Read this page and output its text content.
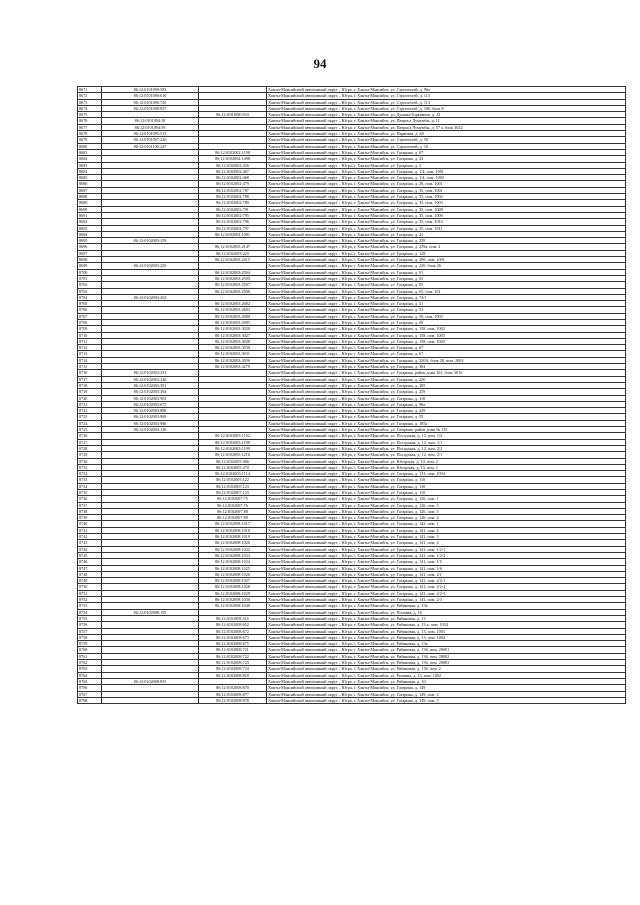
94
8671	86:12:0101090:583		Ханты-Мансийский автономный округ – Югра, г. Ханты-Мансийск, ул. Строителей, д. 96а
8672	86:12:0101090:610		Ханты-Мансийский автономный округ – Югра, г. Ханты-Мансийск, ул. Строителей, д. 113
8673	86:12:0101090:745		Ханты-Мансийский автономный округ – Югра, г. Ханты-Мансийск, ул. Строителей, д. 113
8674	86:12:0101090:857		Ханты-Мансийский автономный округ – Югра, г. Ханты-Мансийск, ул. Строителей, д. 106, блок 8
8675		86:12:0101090:933	Ханты-Мансийский автономный округ – Югра, г. Ханты-Мансийск, ул. Дунина-Горкавича, д. 13
8676	86:12:0101094:18		Ханты-Мансийский автономный округ – Югра, г. Ханты-Мансийск, ул. Патриса Лумумбы, д. 11
8677	86:12:0101094:59		Ханты-Мансийский автономный округ – Югра, г. Ханты-Мансийск, ул. Патриса Лумумбы, д. 57 а, блок 3622
8678	86:12:0101095:515		Ханты-Мансийский автономный округ – Югра, г. Ханты-Мансийск, ул. Парковая, д. 68
8679	86:12:0101097:220		Ханты-Мансийский автономный округ – Югра, г. Ханты-Мансийск, ул. Строителей, д. 59
8680	86:12:0101100:247		Ханты-Мансийский автономный округ – Югра, г. Ханты-Мансийск, ул. Строителей, д. 16
8681		86:12:0102002:1198	Ханты-Мансийский автономный округ – Югра, г. Ханты-Мансийск, ул. Гагарина, д. 67
8682		86:12:0102002:1498	Ханты-Мансийский автономный округ – Югра, г. Ханты-Мансийск, ул. Гагарина, д. 33
8683		86:12:0102002:456	Ханты-Мансийский автономный округ – Югра, г. Ханты-Мансийск, ул. Гагарина, д. 5
8684		86:12:0102002:467	Ханты-Мансийский автономный округ – Югра, г. Ханты-Мансийск, ул. Гагарина, д. 1/4, пом. 1001
8685		86:12:0102002:468	Ханты-Мансийский автономный округ – Югра, г. Ханты-Мансийск, ул. Гагарина, д. 1/4, пом. 1002
8686		86:12:0102002:479	Ханты-Мансийский автономный округ – Югра, г. Ханты-Мансийск, ул. Гагарина, д. 29, пом. 1001
8687		86:12:0102002:787	Ханты-Мансийский автономный округ – Югра, г. Ханты-Мансийск, ул. Гагарина, д. 35, пом. 1001
8688		86:12:0102002:788	Ханты-Мансийский автономный округ – Югра, г. Ханты-Мансийск, ул. Гагарина, д. 35, пом. 1002
8689		86:12:0102002:789	Ханты-Мансийский автономный округ – Югра, г. Ханты-Мансийск, ул. Гагарина, д. 35, пом. 1003
8690		86:12:0102002:791	Ханты-Мансийский автономный округ – Югра, г. Ханты-Мансийск, ул. Гагарина, д. 35, пом. 1008
8691		86:12:0102002:795	Ханты-Мансийский автономный округ – Югра, г. Ханты-Мансийск, ул. Гагарина, д. 35, пом. 1009
8692		86:12:0102002:796	Ханты-Мансийский автономный округ – Югра, г. Ханты-Мансийск, ул. Гагарина, д. 35, пом. 1010
8693		86:12:0102002:797	Ханты-Мансийский автономный округ – Югра, г. Ханты-Мансийск, ул. Гагарина, д. 35, пом. 1011
8694		86:12:0102002:1081	Ханты-Мансийский автономный округ – Югра, г. Ханты-Мансийск, ул. Гагарина, д. 41
8695	86:12:0102003:159		Ханты-Мансийский автономный округ – Югра, г. Ханты-Мансийск, ул. Гагарина, д. 259
8696		86:12:0102003:2147	Ханты-Мансийский автономный округ – Югра, г. Ханты-Мансийск, ул. Гагарина, д. 259а, пом. 2
8697		86:12:0102003:223	Ханты-Мансийский автономный округ – Югра, г. Ханты-Мансийск, ул. Гагарина, д. 128
8698		86:12:0102003:2415	Ханты-Мансийский автономный округ – Югра, г. Ханты-Мансийск, ул. Гагарина, д. 290, пом. 1001
8699	86:12:0102003:250		Ханты-Мансийский автономный округ – Югра, г. Ханты-Мансийск, ул. Гагарина, д. 220, блок 26
8700		86:12:0102003:2504	Ханты-Мансийский автономный округ – Югра, г. Ханты-Мансийск, ул. Гагарина, д. 61
8701		86:12:0102003:2505	Ханты-Мансийский автономный округ – Югра, г. Ханты-Мансийск, ул. Гагарина, д. 63
8702		86:12:0102003:2507	Ханты-Мансийский автономный округ – Югра, г. Ханты-Мансийск, ул. Гагарина, д. 65
8703		86:12:0102003:2508	Ханты-Мансийский автономный округ – Югра, г. Ханты-Мансийск, ул. Гагарина, д. 65, пом. 101
8704	86:12:0102003:263		Ханты-Мансийский автономный округ – Югра, г. Ханты-Мансийск, ул. Гагарина, д. 74/1
8705		86:12:0102003:2682	Ханты-Мансийский автономный округ – Югра, г. Ханты-Мансийск, ул. Гагарина, д. 51
8706		86:12:0102003:2683	Ханты-Мансийский автономный округ – Югра, г. Ханты-Мансийск, ул. Гагарина, д. 51
8707		86:12:0102003:2980	Ханты-Мансийский автономный округ – Югра, г. Ханты-Мансийск, ул. Гагарина, д. 59, пом. 1003
8708		86:12:0102003:2985	Ханты-Мансийский автономный округ – Югра, г. Ханты-Мансийск, ул. Гагарина, д. 69
8709		86:12:0102003:3020	Ханты-Мансийский автономный округ – Югра, г. Ханты-Мансийск, ул. Гагарина, д. 158, пом. 1002
8710		86:12:0102003:3027	Ханты-Мансийский автономный округ – Югра, г. Ханты-Мансийск, ул. Гагарина, д. 158, пом. 1003
8711		86:12:0102003:3028	Ханты-Мансийский автономный округ – Югра, г. Ханты-Мансийск, ул. Гагарина, д. 158, пом. 1003
8712		86:12:0102003:3030	Ханты-Мансийский автономный округ – Югра, г. Ханты-Мансийск, ул. Гагарина, д. 67
8713		86:12:0102003:3031	Ханты-Мансийский автономный округ – Югра, г. Ханты-Мансийск, ул. Гагарина, д. 67
8714		86:12:0102003:3036	Ханты-Мансийский автономный округ – Югра, г. Ханты-Мансийск, ул. Гагарина, д. 220А, блок 28, пом. 2002
8715		86:12:0102003:3279	Ханты-Мансийский автономный округ – Югра, г. Ханты-Мансийск, ул. Гагарина, д. 304
8716	86:12:0102003:331		Ханты-Мансийский автономный округ – Югра, г. Ханты-Мансийск, ул. Гагарина, район дома 101, блок 30 бс
8717	86:12:0102003:340		Ханты-Мансийский автономный округ – Югра, г. Ханты-Мансийск, ул. Гагарина, д. 220
8718	86:12:0102003:391		Ханты-Мансийский автономный округ – Югра, г. Ханты-Мансийск, ул. Гагарина, д. 285
8719	86:12:0102003:394		Ханты-Мансийский автономный округ – Югра, г. Ханты-Мансийск, ул. Гагарина, д. 259
8720	86:12:0102003:903		Ханты-Мансийский автономный округ – Югра, г. Ханты-Мансийск, ул. Гагарина, д. 110
8721	86:12:0102003:675		Ханты-Мансийский автономный округ – Югра, г. Ханты-Мансийск, ул. Гагарина, д. 96а
8722	86:12:0102003:888		Ханты-Мансийский автономный округ – Югра, г. Ханты-Мансийск, ул. Гагарина, д. 229
8723	86:12:0102003:969		Ханты-Мансийский автономный округ – Югра, г. Ханты-Мансийск, ул. Гагарина, д. 55
8724	86:12:0102003:986		Ханты-Мансийский автономный округ – Югра, г. Ханты-Мансийск, ул. Гагарина, д. 185а
8725	86:12:0102004:130		Ханты-Мансийский автономный округ – Югра, г. Ханты-Мансийск, ул. Гагарина, район дома № 135
8726		86:12:0102005:1192	Ханты-Мансийский автономный округ – Югра, г. Ханты-Мансийск, ул. Посадская, д. 12, пом. 1/2
8727		86:12:0102005:1198	Ханты-Мансийский автономный округ – Югра, г. Ханты-Мансийск, ул. Посадская, д. 12, пом. 1/1
8728		86:12:0102005:1199	Ханты-Мансийский автономный округ – Югра, г. Ханты-Мансийск, ул. Посадская, д. 12, пом. 2/2
8729		86:12:0102005:1216	Ханты-Мансийский автономный округ – Югра, г. Ханты-Мансийск, ул. Посадская, д. 12, пом. 2/1
8730		86:12:0102005:466	Ханты-Мансийский автономный округ – Югра, г. Ханты-Мансийск, ул. Югорская, д. 13, пом. 2
8731		86:12:0102005:470	Ханты-Мансийский автономный округ – Югра, г. Ханты-Мансийск, ул. Югорская, д. 13, пом. 1
8732		86:12:0102005:1114	Ханты-Мансийский автономный округ – Югра, г. Ханты-Мансийск, ул. Гагарина, д. 133, пом. 1004
8733		86:12:0102005:122	Ханты-Мансийский автономный округ – Югра, г. Ханты-Мансийск, ул. Гагарина, д. 110
8734		86:12:0102005:123	Ханты-Мансийский автономный округ – Югра, г. Ханты-Мансийск, ул. Гагарина, д. 110
8735		86:12:0102007:123	Ханты-Мансийский автономный округ – Югра, г. Ханты-Мансийск, ул. Гагарина, д. 110
8736		86:12:0102007:75	Ханты-Мансийский автономный округ – Югра, г. Ханты-Мансийск, ул. Гагарина, д. 126, пом. 1
8737		86:12:0102007:76	Ханты-Мансийский автономный округ – Югра, г. Ханты-Мансийск, ул. Гагарина, д. 126, пом. 3
8738		86:12:0102007:88	Ханты-Мансийский автономный округ – Югра, г. Ханты-Мансийск, ул. Гагарина, д. 126, пом. 5
8739		86:12:0102007:89	Ханты-Мансийский автономный округ – Югра, г. Ханты-Мансийск, ул. Гагарина, д. 126, пом. 4
8740		86:12:0102008:1017	Ханты-Мансийский автономный округ – Югра, г. Ханты-Мансийск, ул. Гагарина, д. 141, пом. 1
8741		86:12:0102008:1018	Ханты-Мансийский автономный округ – Югра, г. Ханты-Мансийск, ул. Гагарина, д. 141, пом. 2
8742		86:12:0102008:1019	Ханты-Мансийский автономный округ – Югра, г. Ханты-Мансийск, ул. Гагарина, д. 141, пом. 3
8743		86:12:0102008:1020	Ханты-Мансийский автономный округ – Югра, г. Ханты-Мансийск, ул. Гагарина, д. 141, пом. 4
8744		86:12:0102008:1022	Ханты-Мансийский автономный округ – Югра, г. Ханты-Мансийск, ул. Гагарина, д. 141, пом. 1/2-1
8745		86:12:0102008:1023	Ханты-Мансийский автономный округ – Югра, г. Ханты-Мансийск, ул. Гагарина, д. 141, пом. 1/2-2
8746		86:12:0102008:1024	Ханты-Мансийский автономный округ – Югра, г. Ханты-Мансийск, ул. Гагарина, д. 141, пом. 1/5
8747		86:12:0102008:1025	Ханты-Мансийский автономный округ – Югра, г. Ханты-Мансийск, ул. Гагарина, д. 141, пом. 1/6
8748		86:12:0102008:1026	Ханты-Мансийский автономный округ – Югра, г. Ханты-Мансийск, ул. Гагарина, д. 141, пом. 2/1
8749		86:12:0102008:1027	Ханты-Мансийский автономный округ – Югра, г. Ханты-Мансийск, ул. Гагарина, д. 141, пом. 2/2-1
8750		86:12:0102008:1028	Ханты-Мансийский автономный округ – Югра, г. Ханты-Мансийск, ул. Гагарина, д. 141, пом. 2/2-2
8751		86:12:0102008:1029	Ханты-Мансийский автономный округ – Югра, г. Ханты-Мансийск, ул. Гагарина, д. 141, пом. 2/2-3
8752		86:12:0102008:1030	Ханты-Мансийский автономный округ – Югра, г. Ханты-Мансийск, ул. Гагарина, д. 141, пом. 2/3
8753		86:12:0102008:1040	Ханты-Мансийский автономный округ – Югра, г. Ханты-Мансийск, ул. Рябиновая, д. 13а
8754	86:12:0102008:155		Ханты-Мансийский автономный округ – Югра, г. Ханты-Мансийск, ул. Полевая, д. 16
8755		86:12:0102008:316	Ханты-Мансийский автономный округ – Югра, г. Ханты-Мансийск, ул. Рябиновая, д. 13
8756		86:12:0102008:652	Ханты-Мансийский автономный округ – Югра, г. Ханты-Мансийск, ул. Рябиновая, д. 13 а, пом. 1034
8757		86:12:0102008:672	Ханты-Мансийский автономный округ – Югра, г. Ханты-Мансийск, ул. Рябиновая, д. 13, пом. 1001
8758		86:12:0102008:673	Ханты-Мансийский автономный округ – Югра, г. Ханты-Мансийск, ул. Рябиновая, д. 13, пом. 1004
8759		86:12:0102008:675	Ханты-Мансийский автономный округ – Югра, г. Ханты-Мансийск, ул. Рябиновая, д. 13а
8760		86:12:0102008:721	Ханты-Мансийский автономный округ – Югра, г. Ханты-Мансийск, ул. Рябиновая, д. 136, пом. 20001
8761		86:12:0102008:722	Ханты-Мансийский автономный округ – Югра, г. Ханты-Мансийск, ул. Рябиновая, д. 136, пом. 20002
8762		86:12:0102008:723	Ханты-Мансийский автономный округ – Югра, г. Ханты-Мансийск, ул. Рябиновая, д. 136, пом. 20003
8763		86:12:0102008:724	Ханты-Мансийский автономный округ – Югра, г. Ханты-Мансийск, ул. Рябиновая, д. 136, пом. 2
8764		86:12:0102008:818	Ханты-Мансийский автономный округ – Югра, г. Ханты-Мансийск, ул. Рознина, д. 13, пом. 1002
8765	86:12:0102008:855		Ханты-Мансийский автономный округ – Югра, г. Ханты-Мансийск, ул. Рябиновая, д. 10
8766		86:12:0102008:870	Ханты-Мансийский автономный округ – Югра, г. Ханты-Мансийск, ул. Гагарина, д. 149
8767		86:12:0102008:877	Ханты-Мансийский автономный округ – Югра, г. Ханты-Мансийск, ул. Гагарина, д. 149, пом. 2
8768		86:12:0102008:878	Ханты-Мансийский автономный округ – Югра, г. Ханты-Мансийск, ул. Гагарина, д. 149, пом. 5
